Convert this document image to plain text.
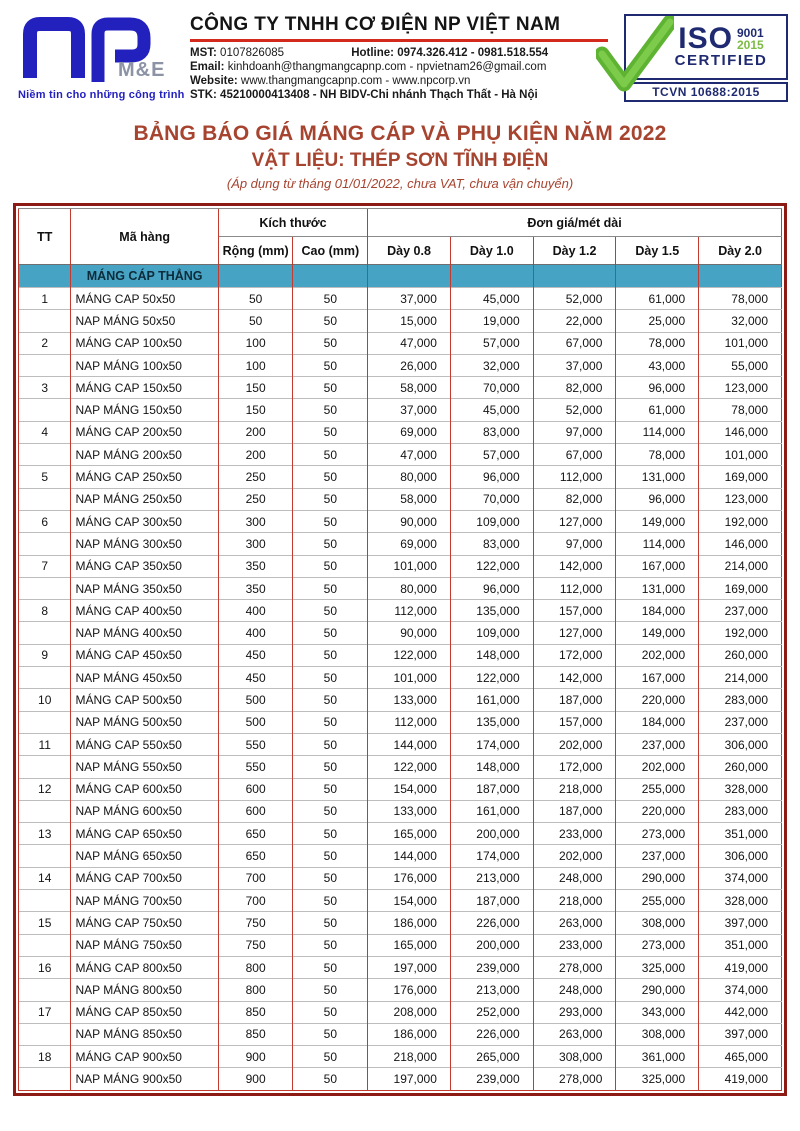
M&E
Niềm tin cho những công trình
CÔNG TY TNHH CƠ ĐIỆN NP VIỆT NAM
MST: 0107826085	Hotline: 0974.326.412 - 0981.518.554
Email: kinhdoanh@thangmangcapnp.com - npvietnam26@gmail.com
Website: www.thangmangcapnp.com - www.npcorp.vn
STK: 45210000413408 - NH BIDV-Chi nhánh Thạch Thất - Hà Nội
ISO 9001
2015
CERTIFIED
TCVN 10688:2015
BẢNG BÁO GIÁ MÁNG CÁP VÀ PHỤ KIỆN NĂM 2022
VẬT LIỆU: THÉP SƠN TĨNH ĐIỆN
(Áp dụng từ tháng 01/01/2022, chưa VAT, chưa vận chuyển)
TT	Mã hàng	Kích thước		Đơn giá/mét dài				
		Rộng (mm)	Cao (mm)	Dày 0.8	Dày 1.0	Dày 1.2	Dày 1.5	Dày 2.0
	MÁNG CÁP THẲNG							
1	MÁNG CAP 50x50	50	50	37,000	45,000	52,000	61,000	78,000
	NAP MÁNG 50x50	50	50	15,000	19,000	22,000	25,000	32,000
2	MÁNG CAP 100x50	100	50	47,000	57,000	67,000	78,000	101,000
	NAP MÁNG 100x50	100	50	26,000	32,000	37,000	43,000	55,000
3	MÁNG CAP 150x50	150	50	58,000	70,000	82,000	96,000	123,000
	NAP MÁNG 150x50	150	50	37,000	45,000	52,000	61,000	78,000
4	MÁNG CAP 200x50	200	50	69,000	83,000	97,000	114,000	146,000
	NAP MÁNG 200x50	200	50	47,000	57,000	67,000	78,000	101,000
5	MÁNG CAP 250x50	250	50	80,000	96,000	112,000	131,000	169,000
	NAP MÁNG 250x50	250	50	58,000	70,000	82,000	96,000	123,000
6	MÁNG CAP 300x50	300	50	90,000	109,000	127,000	149,000	192,000
	NAP MÁNG 300x50	300	50	69,000	83,000	97,000	114,000	146,000
7	MÁNG CAP 350x50	350	50	101,000	122,000	142,000	167,000	214,000
	NAP MÁNG 350x50	350	50	80,000	96,000	112,000	131,000	169,000
8	MÁNG CAP 400x50	400	50	112,000	135,000	157,000	184,000	237,000
	NAP MÁNG 400x50	400	50	90,000	109,000	127,000	149,000	192,000
9	MÁNG CAP 450x50	450	50	122,000	148,000	172,000	202,000	260,000
	NAP MÁNG 450x50	450	50	101,000	122,000	142,000	167,000	214,000
10	MÁNG CAP 500x50	500	50	133,000	161,000	187,000	220,000	283,000
	NAP MÁNG 500x50	500	50	112,000	135,000	157,000	184,000	237,000
11	MÁNG CAP 550x50	550	50	144,000	174,000	202,000	237,000	306,000
	NAP MÁNG 550x50	550	50	122,000	148,000	172,000	202,000	260,000
12	MÁNG CAP 600x50	600	50	154,000	187,000	218,000	255,000	328,000
	NAP MÁNG 600x50	600	50	133,000	161,000	187,000	220,000	283,000
13	MÁNG CAP 650x50	650	50	165,000	200,000	233,000	273,000	351,000
	NAP MÁNG 650x50	650	50	144,000	174,000	202,000	237,000	306,000
14	MÁNG CAP 700x50	700	50	176,000	213,000	248,000	290,000	374,000
	NAP MÁNG 700x50	700	50	154,000	187,000	218,000	255,000	328,000
15	MÁNG CAP 750x50	750	50	186,000	226,000	263,000	308,000	397,000
	NAP MÁNG 750x50	750	50	165,000	200,000	233,000	273,000	351,000
16	MÁNG CAP 800x50	800	50	197,000	239,000	278,000	325,000	419,000
	NAP MÁNG 800x50	800	50	176,000	213,000	248,000	290,000	374,000
17	MÁNG CAP 850x50	850	50	208,000	252,000	293,000	343,000	442,000
	NAP MÁNG 850x50	850	50	186,000	226,000	263,000	308,000	397,000
18	MÁNG CAP 900x50	900	50	218,000	265,000	308,000	361,000	465,000
	NAP MÁNG 900x50	900	50	197,000	239,000	278,000	325,000	419,000
